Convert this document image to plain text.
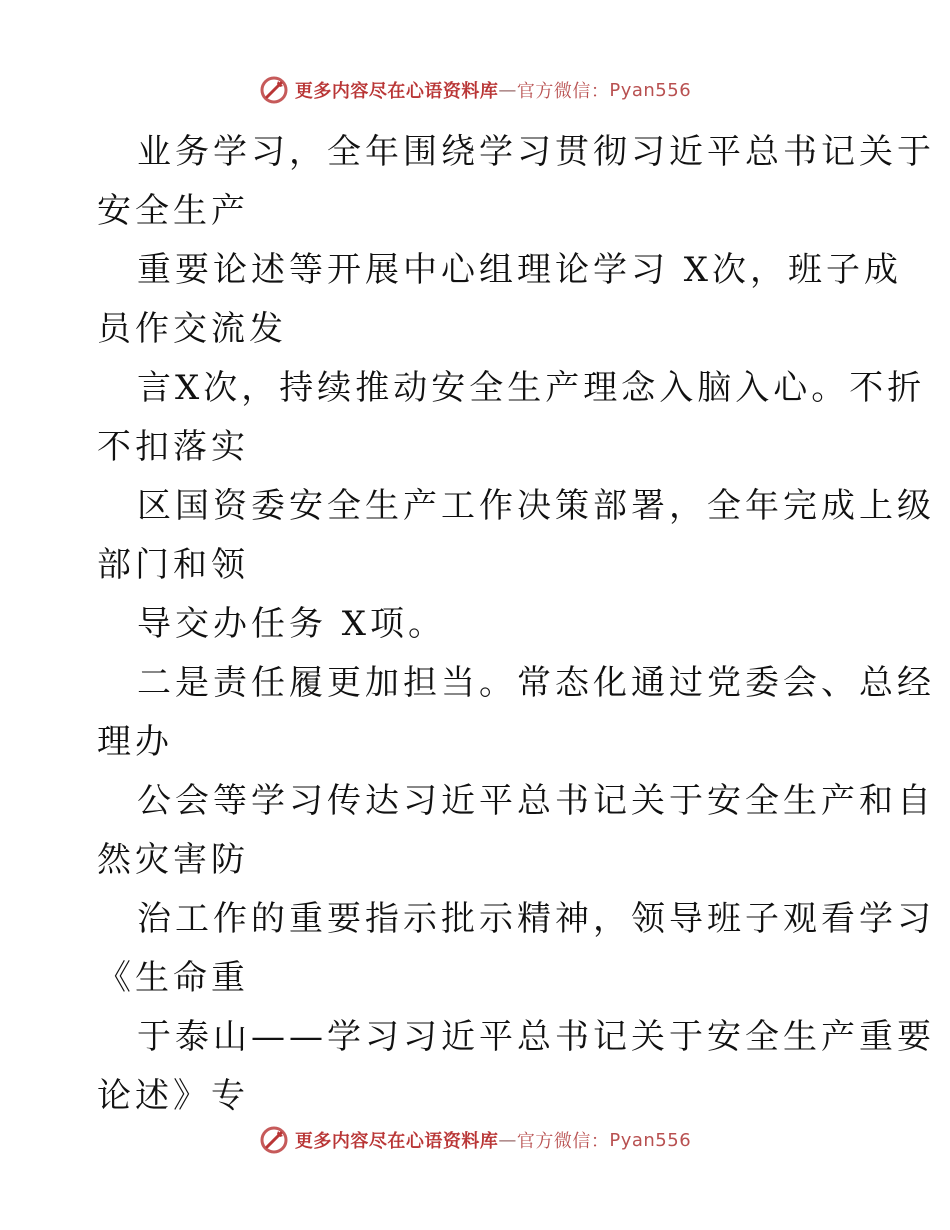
更多内容尽在心语资料库 — 官方微信： Pyan556
业务学习，全年围绕学习贯彻习近平总书记关于
安全生产
重要论述等开展中心组理论学习 X次，班子成
员作交流发
言X次，持续推动安全生产理念入脑入心。不折
不扣落实
区国资委安全生产工作决策部署，全年完成上级
部门和领
导交办任务 X项。
二是责任履更加担当。常态化通过党委会、总经
理办
公会等学习传达习近平总书记关于安全生产和自
然灾害防
治工作的重要指示批示精神，领导班子观看学习
《生命重
于泰山——学习习近平总书记关于安全生产重要
论述》专
更多内容尽在心语资料库 — 官方微信： Pyan556
